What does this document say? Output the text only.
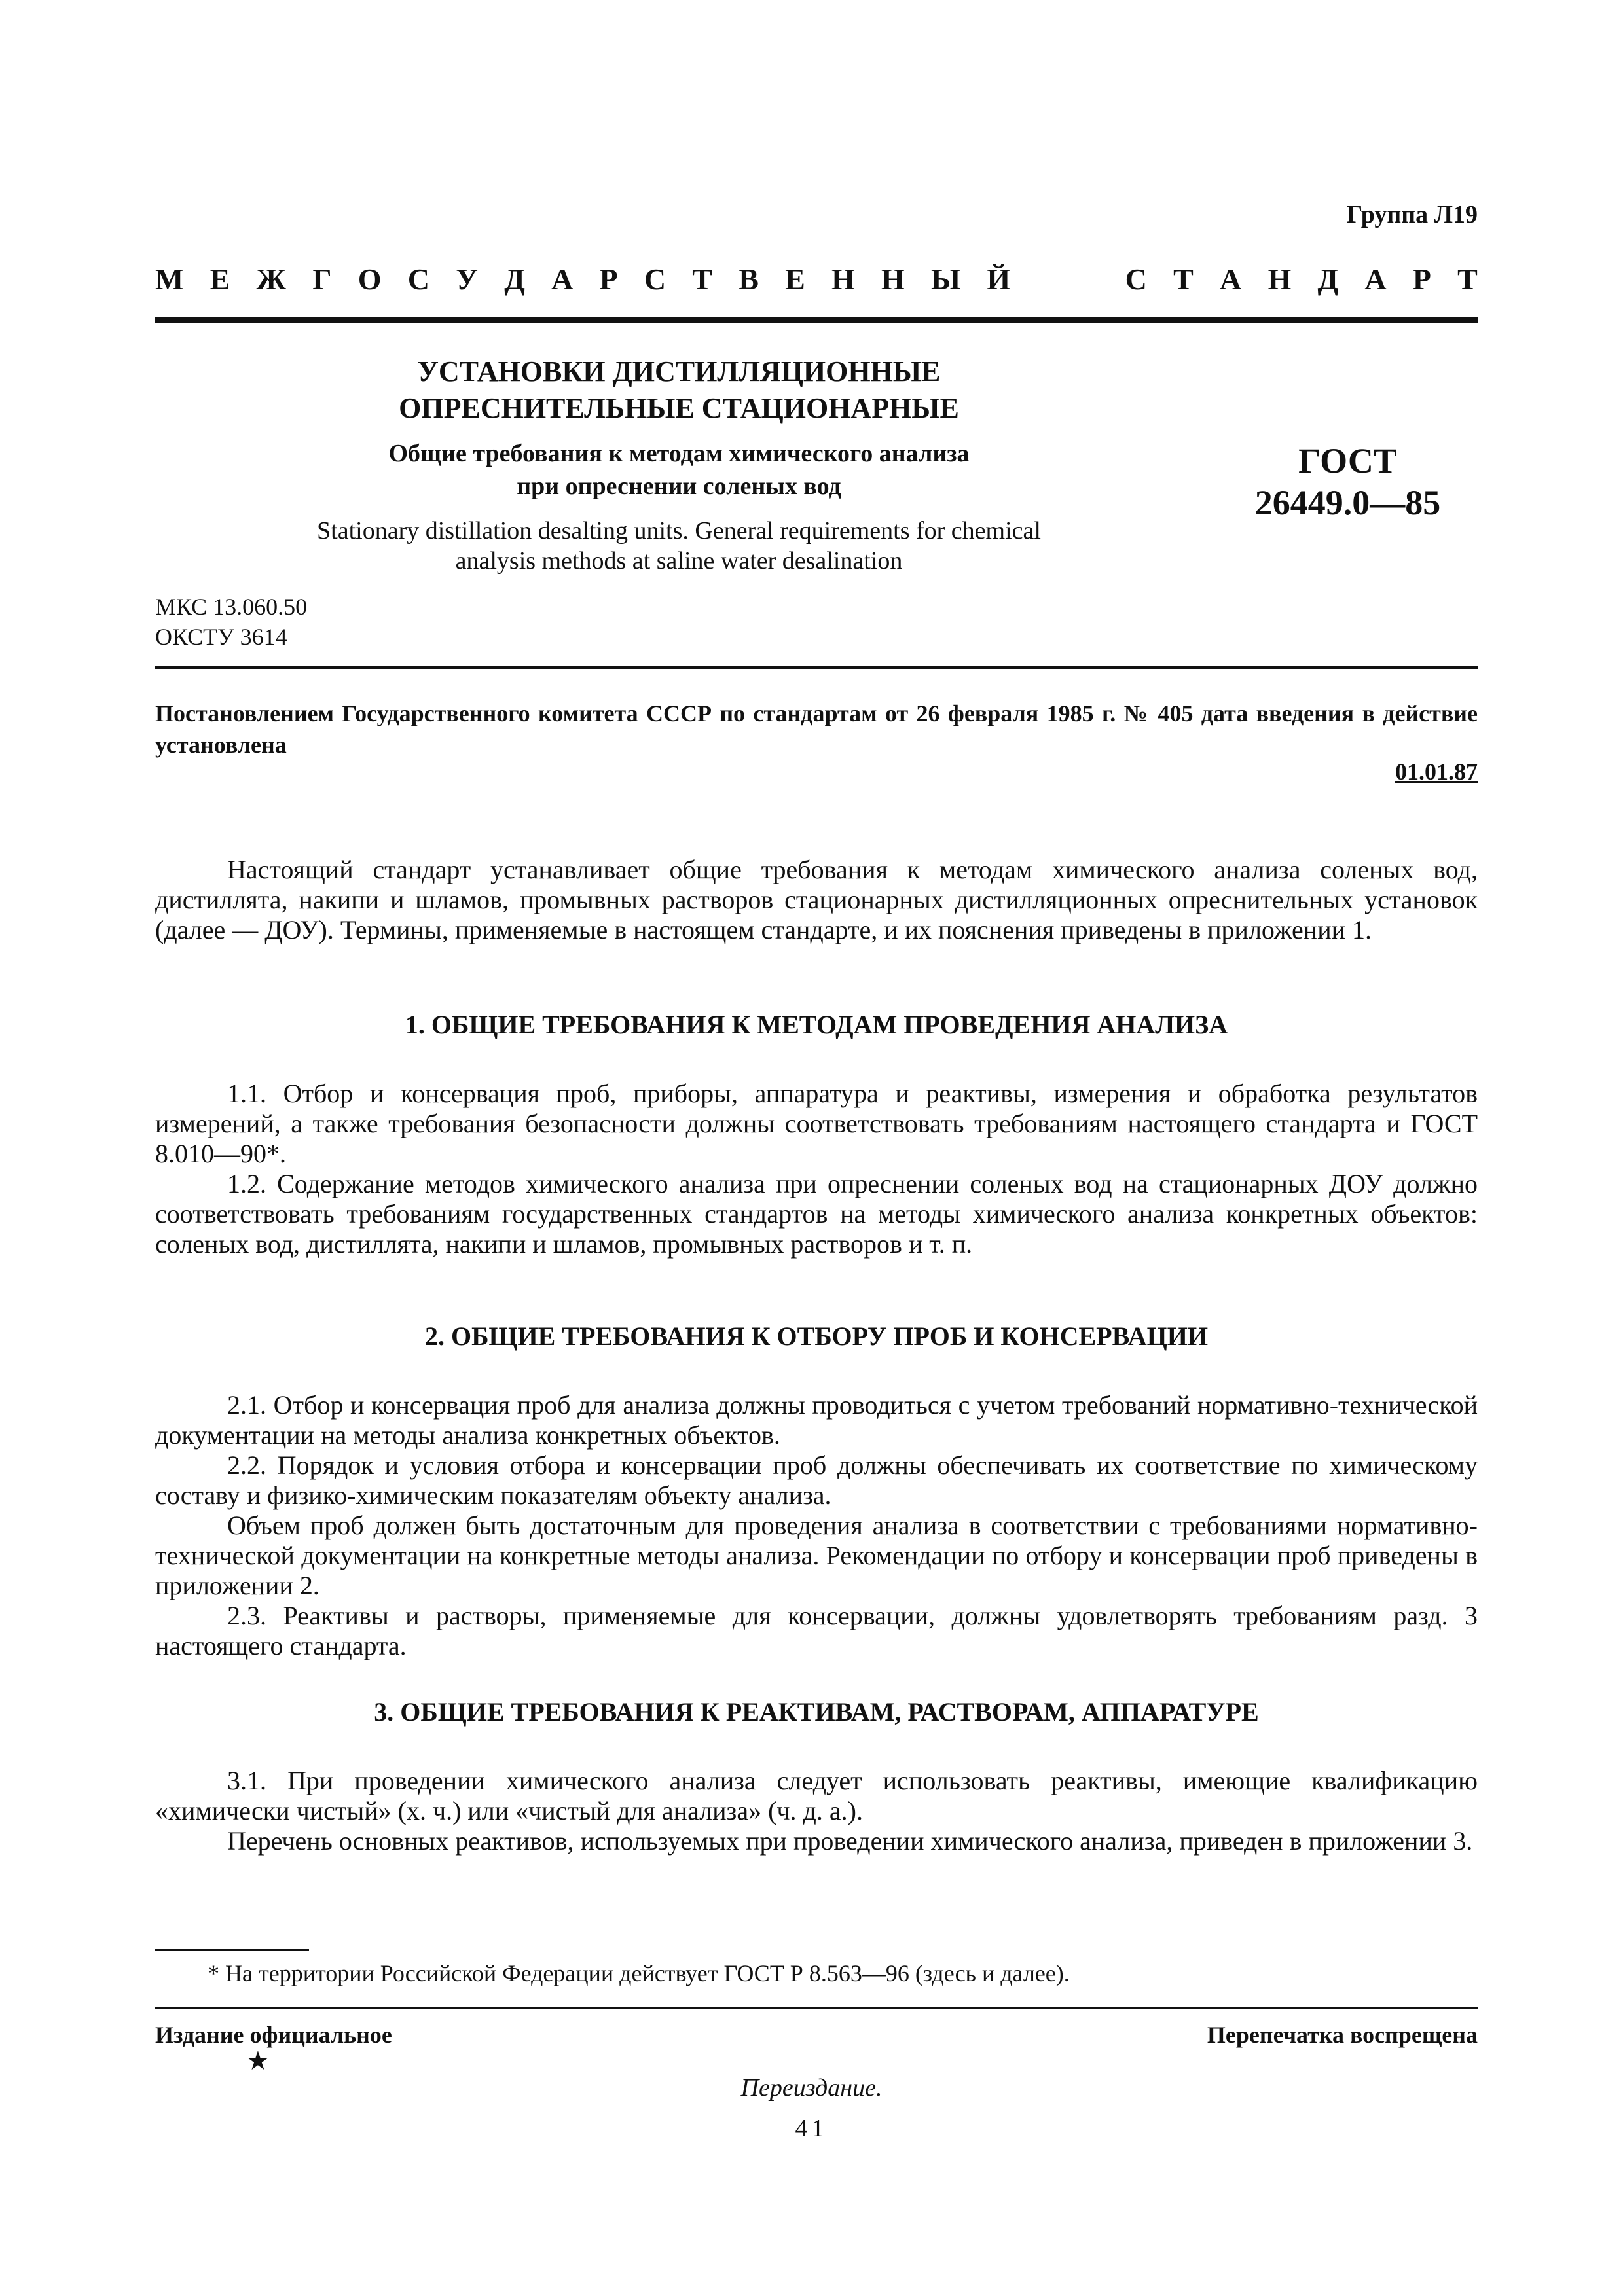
Группа Л19
М Е Ж Г О С У Д А Р С Т В Е Н Н Ы Й	С Т А Н Д А Р Т
УСТАНОВКИ ДИСТИЛЛЯЦИОННЫЕ
ОПРЕСНИТЕЛЬНЫЕ СТАЦИОНАРНЫЕ
Общие требования к методам химического анализа
при опреснении соленых вод
Stationary distillation desalting units. General requirements for chemical
analysis methods at saline water desalination
ГОСТ
26449.0—85
МКС 13.060.50
ОКСТУ 3614
Постановлением Государственного комитета СССР по стандартам от 26 февраля 1985 г. № 405 дата введения в действие установлена
01.01.87
Настоящий стандарт устанавливает общие требования к методам химического анализа соленых вод, дистиллята, накипи и шламов, промывных растворов стационарных дистилляционных опреснительных установок (далее — ДОУ). Термины, применяемые в настоящем стандарте, и их пояснения приведены в приложении 1.
1. ОБЩИЕ ТРЕБОВАНИЯ К МЕТОДАМ ПРОВЕДЕНИЯ АНАЛИЗА
1.1. Отбор и консервация проб, приборы, аппаратура и реактивы, измерения и обработка результатов измерений, а также требования безопасности должны соответствовать требованиям настоящего стандарта и ГОСТ 8.010—90*.
1.2. Содержание методов химического анализа при опреснении соленых вод на стационарных ДОУ должно соответствовать требованиям государственных стандартов на методы химического анализа конкретных объектов: соленых вод, дистиллята, накипи и шламов, промывных растворов и т. п.
2. ОБЩИЕ ТРЕБОВАНИЯ К ОТБОРУ ПРОБ И КОНСЕРВАЦИИ
2.1. Отбор и консервация проб для анализа должны проводиться с учетом требований нормативно-технической документации на методы анализа конкретных объектов.
2.2. Порядок и условия отбора и консервации проб должны обеспечивать их соответствие по химическому составу и физико-химическим показателям объекту анализа.
Объем проб должен быть достаточным для проведения анализа в соответствии с требованиями нормативно-технической документации на конкретные методы анализа. Рекомендации по отбору и консервации проб приведены в приложении 2.
2.3. Реактивы и растворы, применяемые для консервации, должны удовлетворять требованиям разд. 3 настоящего стандарта.
3. ОБЩИЕ ТРЕБОВАНИЯ К РЕАКТИВАМ, РАСТВОРАМ, АППАРАТУРЕ
3.1. При проведении химического анализа следует использовать реактивы, имеющие квалификацию «химически чистый» (х. ч.) или «чистый для анализа» (ч. д. а.).
Перечень основных реактивов, используемых при проведении химического анализа, приведен в приложении 3.
* На территории Российской Федерации действует ГОСТ Р 8.563—96 (здесь и далее).
Издание официальное
★
Перепечатка воспрещена
Переиздание.
41
